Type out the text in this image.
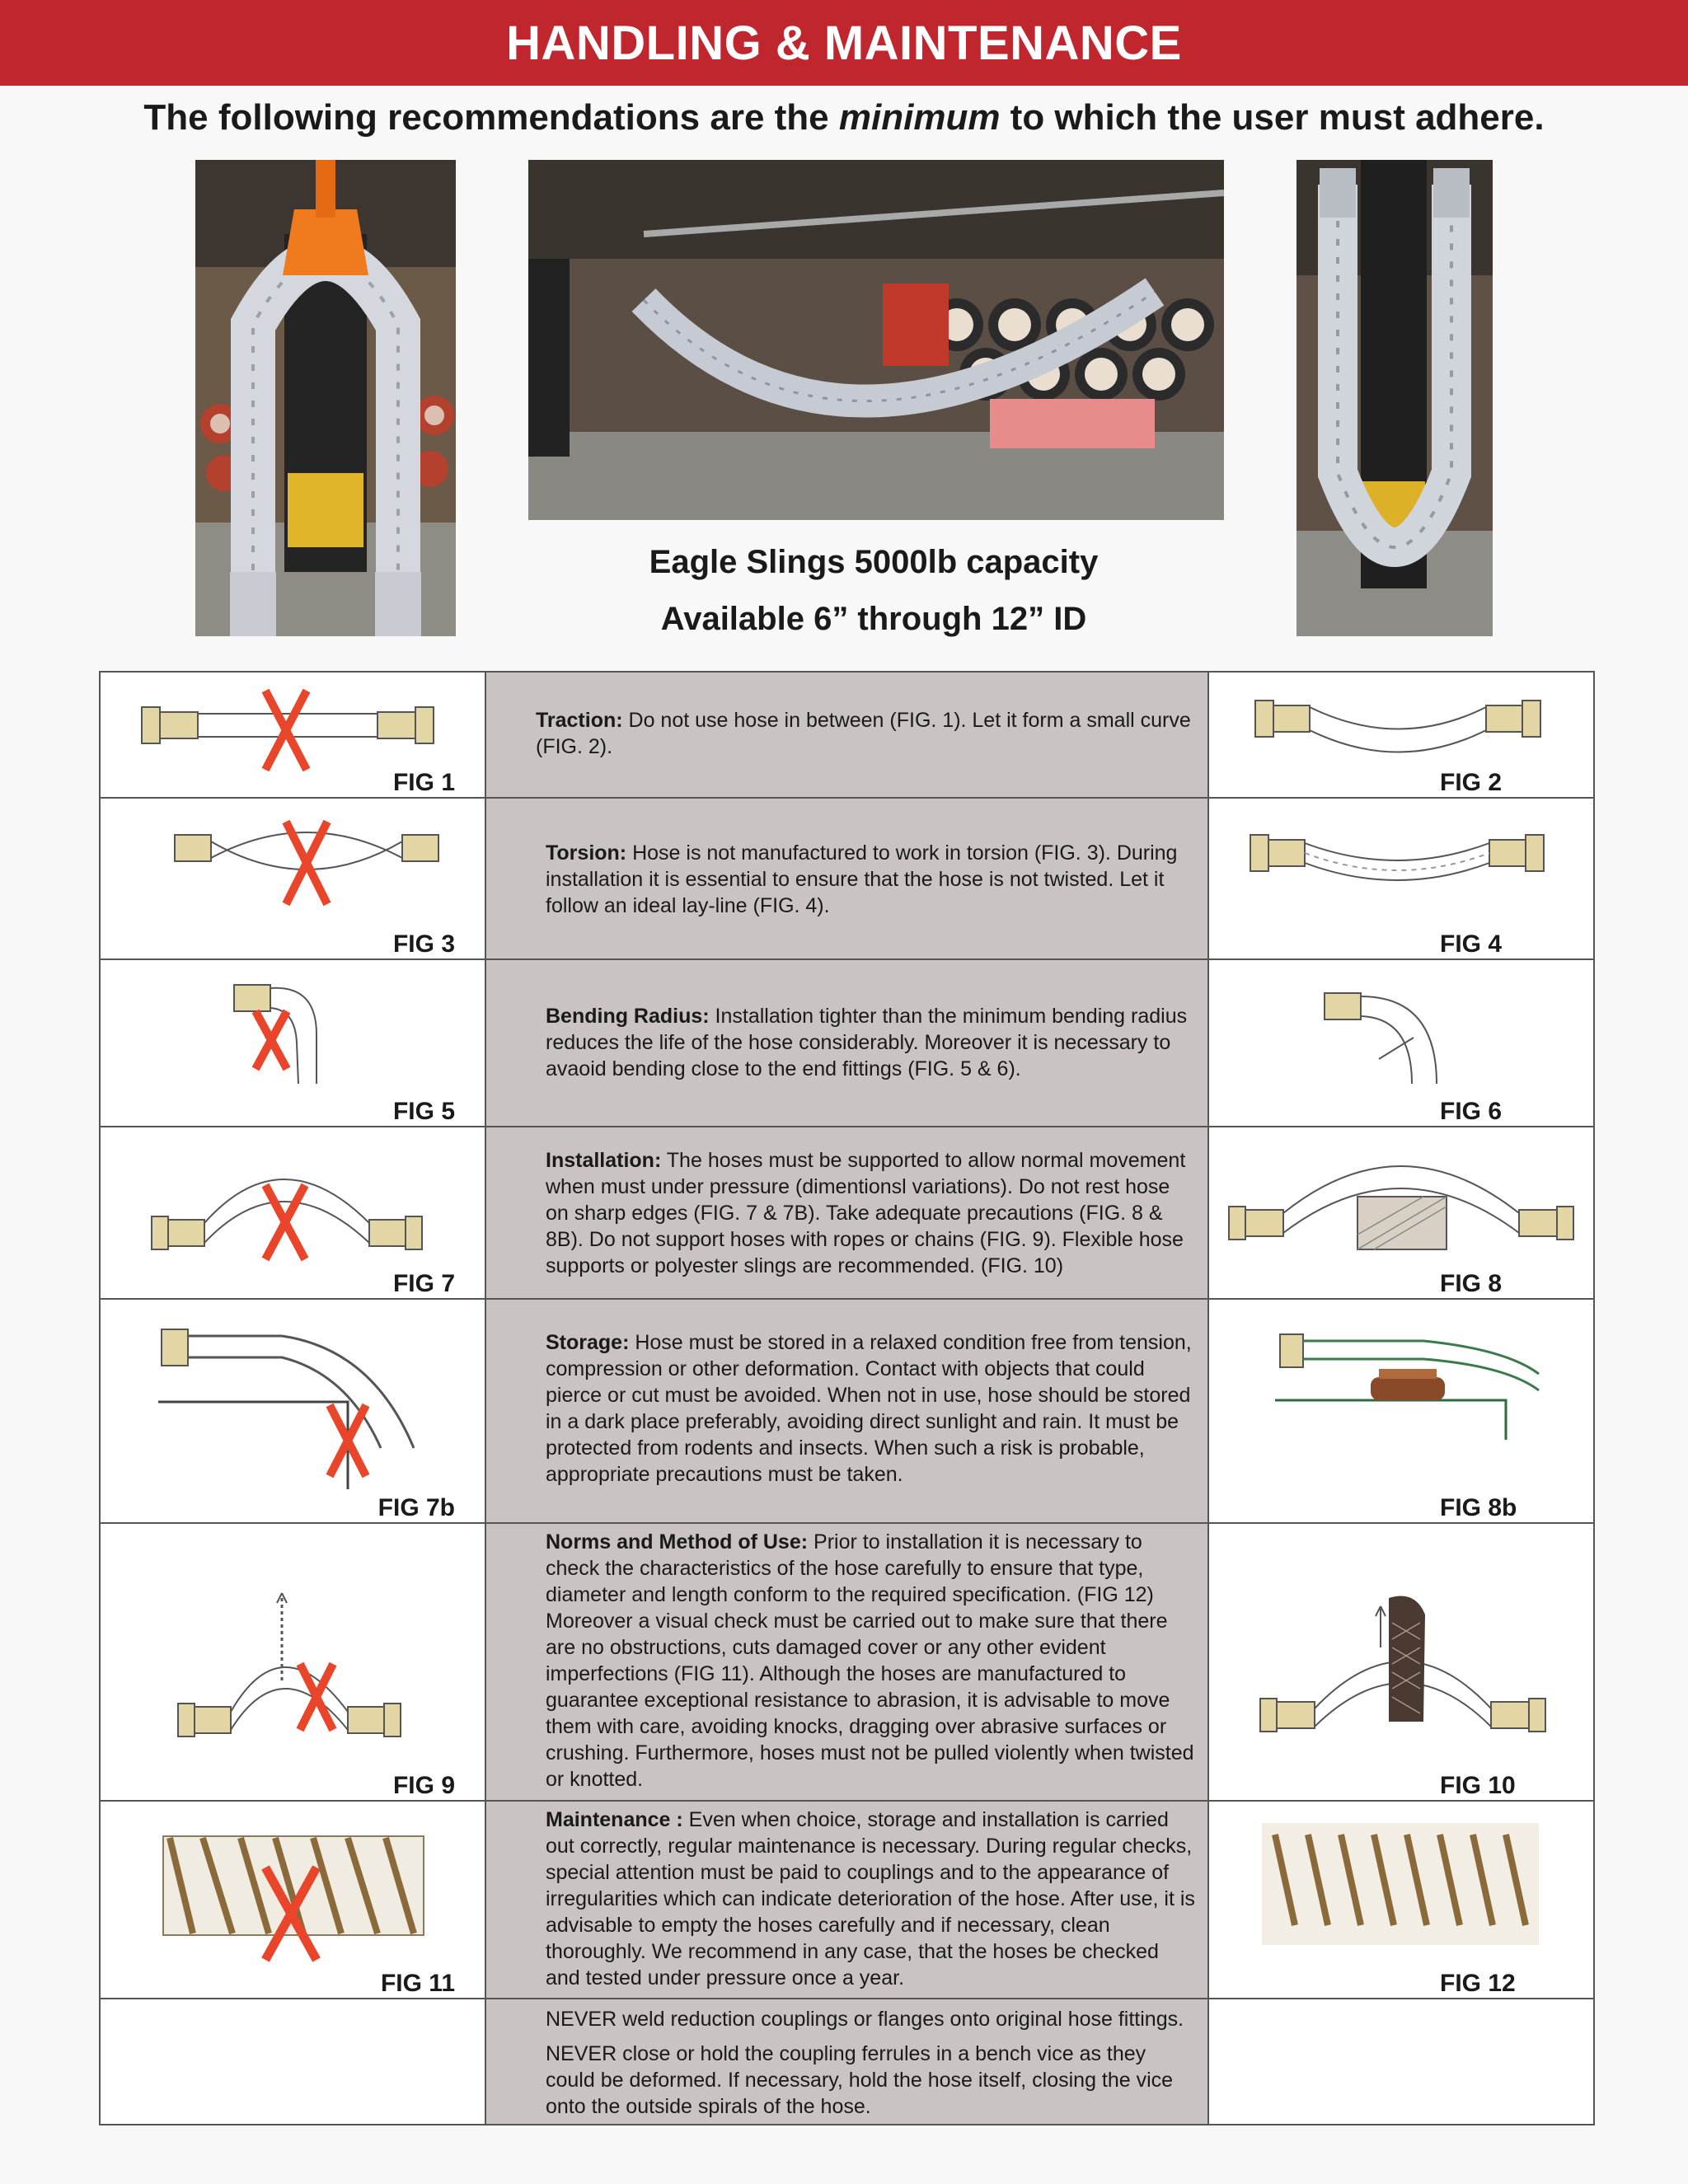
HANDLING & MAINTENANCE
The following recommendations are the minimum to which the user must adhere.
Eagle Slings 5000lb capacity
Available 6” through 12” ID
FIG 1	Traction: Do not use hose in between (FIG. 1). Let it form a small curve (FIG. 2).	FIG 2

FIG 3	Torsion: Hose is not manufactured to work in torsion (FIG. 3). During installation it is essential to ensure that the hose is not twisted. Let it follow an ideal lay-line (FIG. 4).	FIG 4

FIG 5	Bending Radius: Installation tighter than the minimum bending radius reduces the life of the hose considerably. Moreover it is necessary to avaoid bending close to the end fittings (FIG. 5 & 6).	FIG 6

FIG 7	Installation: The hoses must be supported to allow normal movement when must under pressure (dimentionsl variations). Do not rest hose on sharp edges (FIG. 7 & 7B). Take adequate precautions (FIG. 8 & 8B). Do not support hoses with ropes or chains (FIG. 9). Flexible hose supports or polyester slings are recommended. (FIG. 10)	FIG 8

FIG 7b	Storage: Hose must be stored in a relaxed condition free from tension, compression or other deformation. Contact with objects that could pierce or cut must be avoided. When not in use, hose should be stored in a dark place preferably, avoiding direct sunlight and rain. It must be protected from rodents and insects. When such a risk is probable, appropriate precautions must be taken.	FIG 8b

FIG 9	Norms and Method of Use: Prior to installation it is necessary to check the characteristics of the hose carefully to ensure that type, diameter and length conform to the required specification. (FIG 12) Moreover a visual check must be carried out to make sure that there are no obstructions, cuts damaged cover or any other evident imperfections (FIG 11). Although the hoses are manufactured to guarantee exceptional resistance to abrasion, it is advisable to move them with care, avoiding knocks, dragging over abrasive surfaces or crushing. Furthermore, hoses must not be pulled violently when twisted or knotted.	FIG 10

FIG 11	Maintenance : Even when choice, storage and installation is carried out correctly, regular maintenance is necessary. During regular checks, special attention must be paid to couplings and to the appearance of irregularities which can indicate deterioration of the hose. After use, it is advisable to empty the hoses carefully and if necessary, clean thoroughly. We recommend in any case, that the hoses be checked and tested under pressure once a year.	FIG 12

	NEVER weld reduction couplings or flanges onto original hose fittings.
NEVER close or hold the coupling ferrules in a bench vice as they could be deformed. If necessary, hold the hose itself, closing the vice onto the outside spirals of the hose.	
